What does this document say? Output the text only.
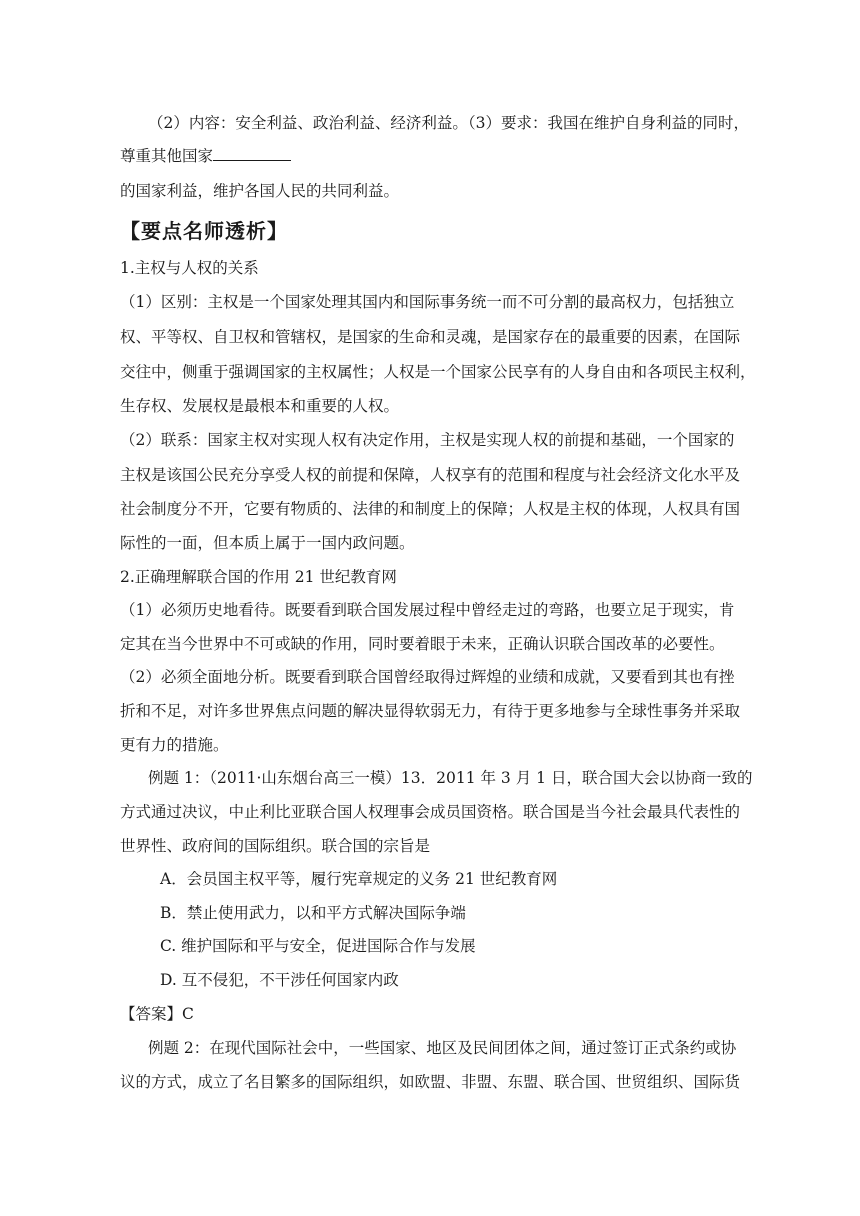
（2）内容：安全利益、政治利益、经济利益。（3）要求：我国在维护自身利益的同时，
尊重其他国家
的国家利益，维护各国人民的共同利益。
【要点名师透析】
1.主权与人权的关系
（1）区别：主权是一个国家处理其国内和国际事务统一而不可分割的最高权力，包括独立
权、平等权、自卫权和管辖权，是国家的生命和灵魂，是国家存在的最重要的因素，在国际
交往中，侧重于强调国家的主权属性；人权是一个国家公民享有的人身自由和各项民主权利，
生存权、发展权是最根本和重要的人权。
（2）联系：国家主权对实现人权有决定作用，主权是实现人权的前提和基础，一个国家的
主权是该国公民充分享受人权的前提和保障，人权享有的范围和程度与社会经济文化水平及
社会制度分不开，它要有物质的、法律的和制度上的保障；人权是主权的体现，人权具有国
际性的一面，但本质上属于一国内政问题。
2.正确理解联合国的作用 21 世纪教育网
（1）必须历史地看待。既要看到联合国发展过程中曾经走过的弯路，也要立足于现实，肯
定其在当今世界中不可或缺的作用，同时要着眼于未来，正确认识联合国改革的必要性。
（2）必须全面地分析。既要看到联合国曾经取得过辉煌的业绩和成就，又要看到其也有挫
折和不足，对许多世界焦点问题的解决显得软弱无力，有待于更多地参与全球性事务并采取
更有力的措施。
例题 1：（2011·山东烟台高三一模）13．2011 年 3 月 1 日，联合国大会以协商一致的
方式通过决议，中止利比亚联合国人权理事会成员国资格。联合国是当今社会最具代表性的
世界性、政府间的国际组织。联合国的宗旨是
A．会员国主权平等，履行宪章规定的义务 21 世纪教育网
B．禁止使用武力，以和平方式解决国际争端
C. 维护国际和平与安全，促进国际合作与发展
D. 互不侵犯，不干涉任何国家内政
【答案】C
例题 2：在现代国际社会中，一些国家、地区及民间团体之间，通过签订正式条约或协
议的方式，成立了名目繁多的国际组织，如欧盟、非盟、东盟、联合国、世贸组织、国际货
